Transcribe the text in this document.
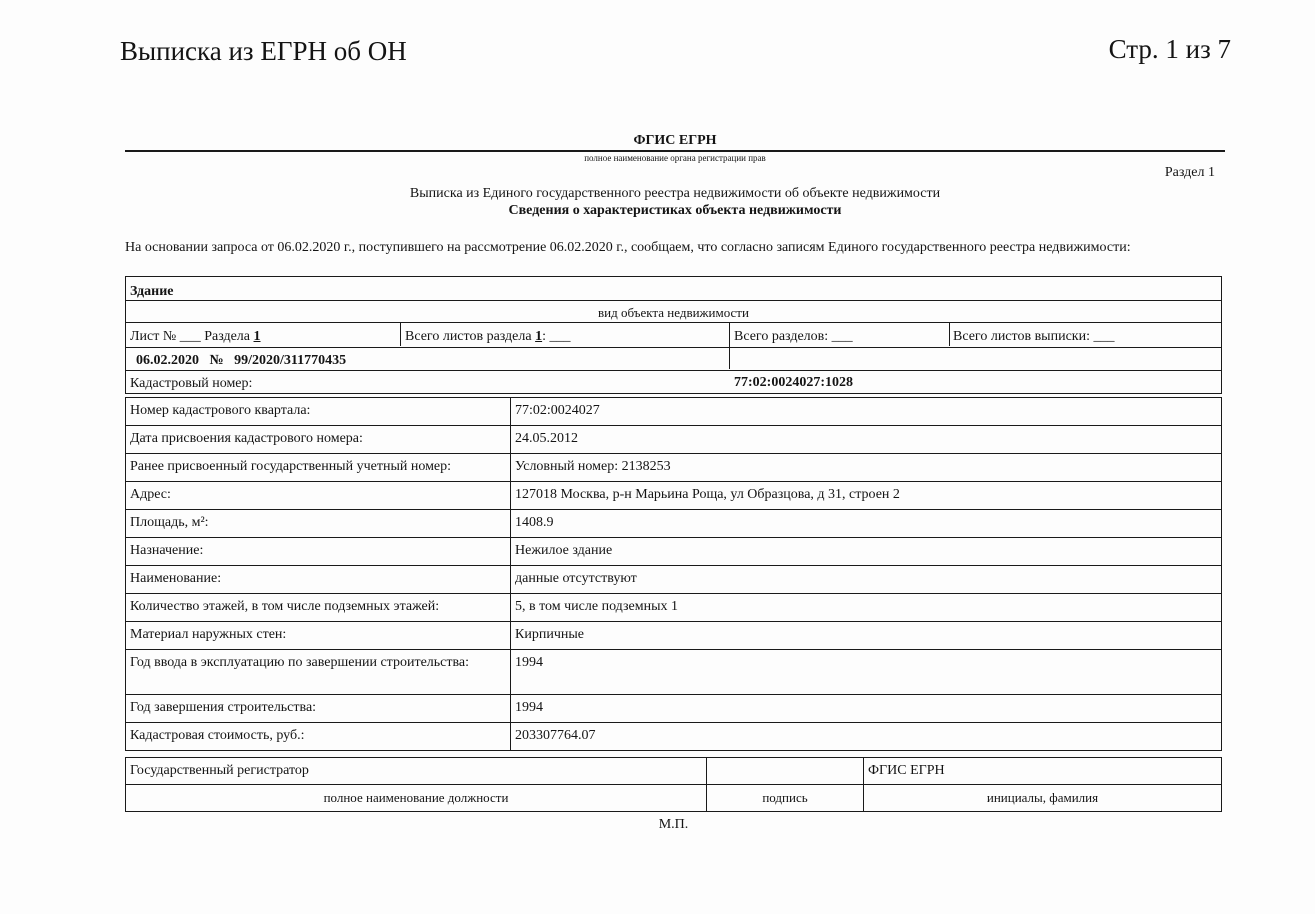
Выписка из ЕГРН об ОН	Стр. 1 из 7
ФГИС ЕГРН
полное наименование органа регистрации прав
Раздел 1
Выписка из Единого государственного реестра недвижимости об объекте недвижимости
Сведения о характеристиках объекта недвижимости
На основании запроса от 06.02.2020 г., поступившего на рассмотрение 06.02.2020 г., сообщаем, что согласно записям Единого государственного реестра недвижимости:
Здание
вид объекта недвижимости
Лист № ___ Раздела 1	Всего листов раздела 1: ___	Всего разделов: ___	Всего листов выписки: ___
06.02.2020 № 99/2020/311770435
Кадастровый номер:	77:02:0024027:1028
Номер кадастрового квартала:	77:02:0024027
Дата присвоения кадастрового номера:	24.05.2012
Ранее присвоенный государственный учетный номер:	Условный номер: 2138253
Адрес:	127018 Москва, р-н Марьина Роща, ул Образцова, д 31, строен 2
Площадь, м²:	1408.9
Назначение:	Нежилое здание
Наименование:	данные отсутствуют
Количество этажей, в том числе подземных этажей:	5, в том числе подземных 1
Материал наружных стен:	Кирпичные
Год ввода в эксплуатацию по завершении строительства:	1994
Год завершения строительства:	1994
Кадастровая стоимость, руб.:	203307764.07
Государственный регистратор		ФГИС ЕГРН
полное наименование должности	подпись	инициалы, фамилия
М.П.
